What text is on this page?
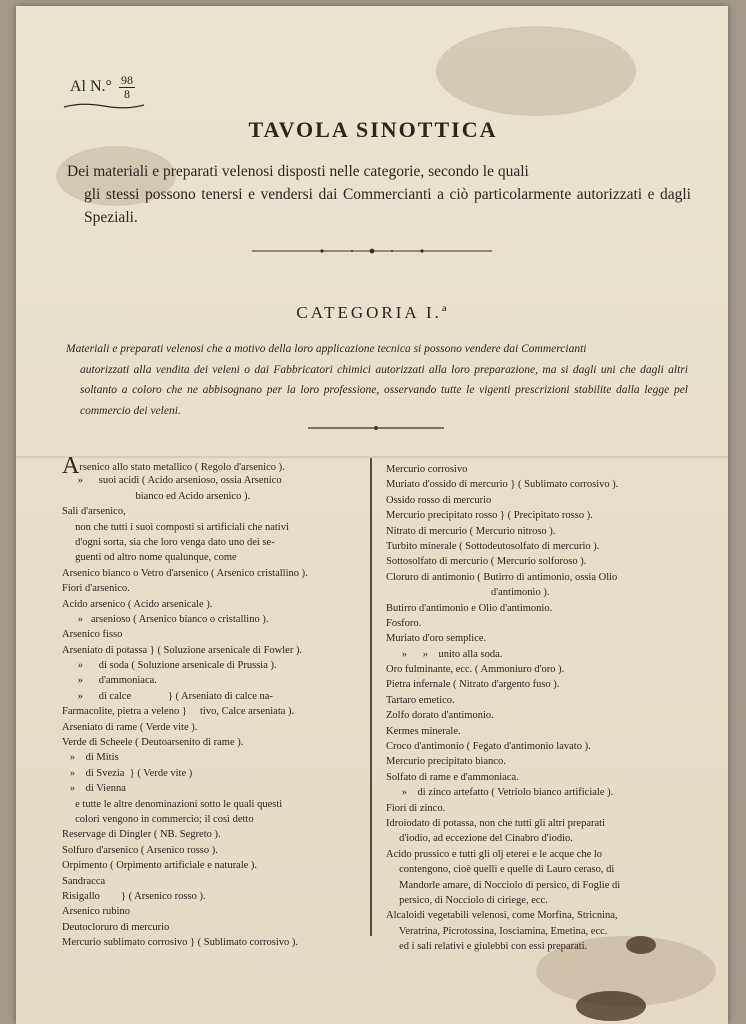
Al $N.^\circ \frac{98}{8}$
TAVOLA SINOTTICA
Dei materiali e preparati velenosi disposti nelle categorie, secondo le quali
gli stessi possono tenersi e vendersi dai Commercianti a ciò particolarmente autorizzati e dagli Speziali.
CATEGORIA I.ª
Materiali e preparati velenosi che a motivo della loro applicazione tecnica si possono vendere dai Commercianti
autorizzati alla vendita dei veleni o dai Fabbricatori chimici autorizzati alla loro preparazione, ma si dagli uni che dagli altri soltanto a coloro che ne abbisognano per la loro professione, osservando tutte le vigenti prescrizioni stabilite dalla legge pel commercio dei veleni.
Arsenico allo stato metallico ( Regolo d'arsenico ).
»      suoi acidi ( Acido arsenioso, ossia Arsenico
bianco ed Acido arsenico ).
Sali d'arsenico,
non che tutti i suoi composti sì artificiali che nativi
d'ogni sorta, sia che loro venga dato uno dei se-
guenti od altro nome qualunque, come
Arsenico bianco o Vetro d'arsenico ( Arsenico cristallino ).
Fiori d'arsenico.
Acido arsenico ( Acido arsenicale ).
»   arsenioso ( Arsenico bianco o cristallino ).
Arsenico fisso
Arseniato di potassa } ( Soluzione arsenicale di Fowler ).
»      di soda ( Soluzione arsenicale di Prussia ).
»      d'ammoniaca.
»      di calce              } ( Arseniato di calce na-
Farmacolite, pietra a veleno }     tivo, Calce arseniata ).
Arseniato di rame ( Verde vite ).
Verde di Scheele ( Deutoarsenito di rame ).
»    di Mitis
»    di Svezia  } ( Verde vite )
»    di Vienna
e tutte le altre denominazioni sotto le quali questi
colori vengono in commercio; il così detto
Reservage di Dingler ( NB. Segreto ).
Solfuro d'arsenico ( Arsenico rosso ).
Orpimento ( Orpimento artificiale e naturale ).
Sandracca
Risigallo        } ( Arsenico rosso ).
Arsenico rubino
Deutocloruro di mercurio
Mercurio sublimato corrosivo } ( Sublimato corrosivo ).
Mercurio corrosivo
Muriato d'ossido di mercurio } ( Sublimato corrosivo ).
Ossido rosso di mercurio
Mercurio precipitato rosso } ( Precipitato rosso ).
Nitrato di mercurio ( Mercurio nitroso ).
Turbito minerale ( Sottodeutosolfato di mercurio ).
Sottosolfato di mercurio ( Mercurio solforoso ).
Cloruro di antimonio ( Butirro di antimonio, ossia Olio
d'antimonio ).
Butirro d'antimonio e Olio d'antimonio.
Fosforo.
Muriato d'oro semplice.
»      »    unito alla soda.
Oro fulminante, ecc. ( Ammoniuro d'oro ).
Pietra infernale ( Nitrato d'argento fuso ).
Tartaro emetico.
Zolfo dorato d'antimonio.
Kermes minerale.
Croco d'antimonio ( Fegato d'antimonio lavato ).
Mercurio precipitato bianco.
Solfato di rame e d'ammoniaca.
»    di zinco artefatto ( Vetriolo bianco artificiale ).
Fiori di zinco.
Idroiodato di potassa, non che tutti gli altri preparati
d'iodio, ad eccezione del Cinabro d'iodio.
Acido prussico e tutti gli olj eterei e le acque che lo
contengono, cioè quelli e quelle di Lauro ceraso, di
Mandorle amare, di Nocciolo di persico, di Foglie di
persico, di Nocciolo di ciriege, ecc.
Alcaloidi vegetabili velenosi, come Morfina, Stricnina,
Veratrina, Picrotossina, Iosciamina, Emetina, ecc.
ed i sali relativi e giulebbi con essi preparati.
